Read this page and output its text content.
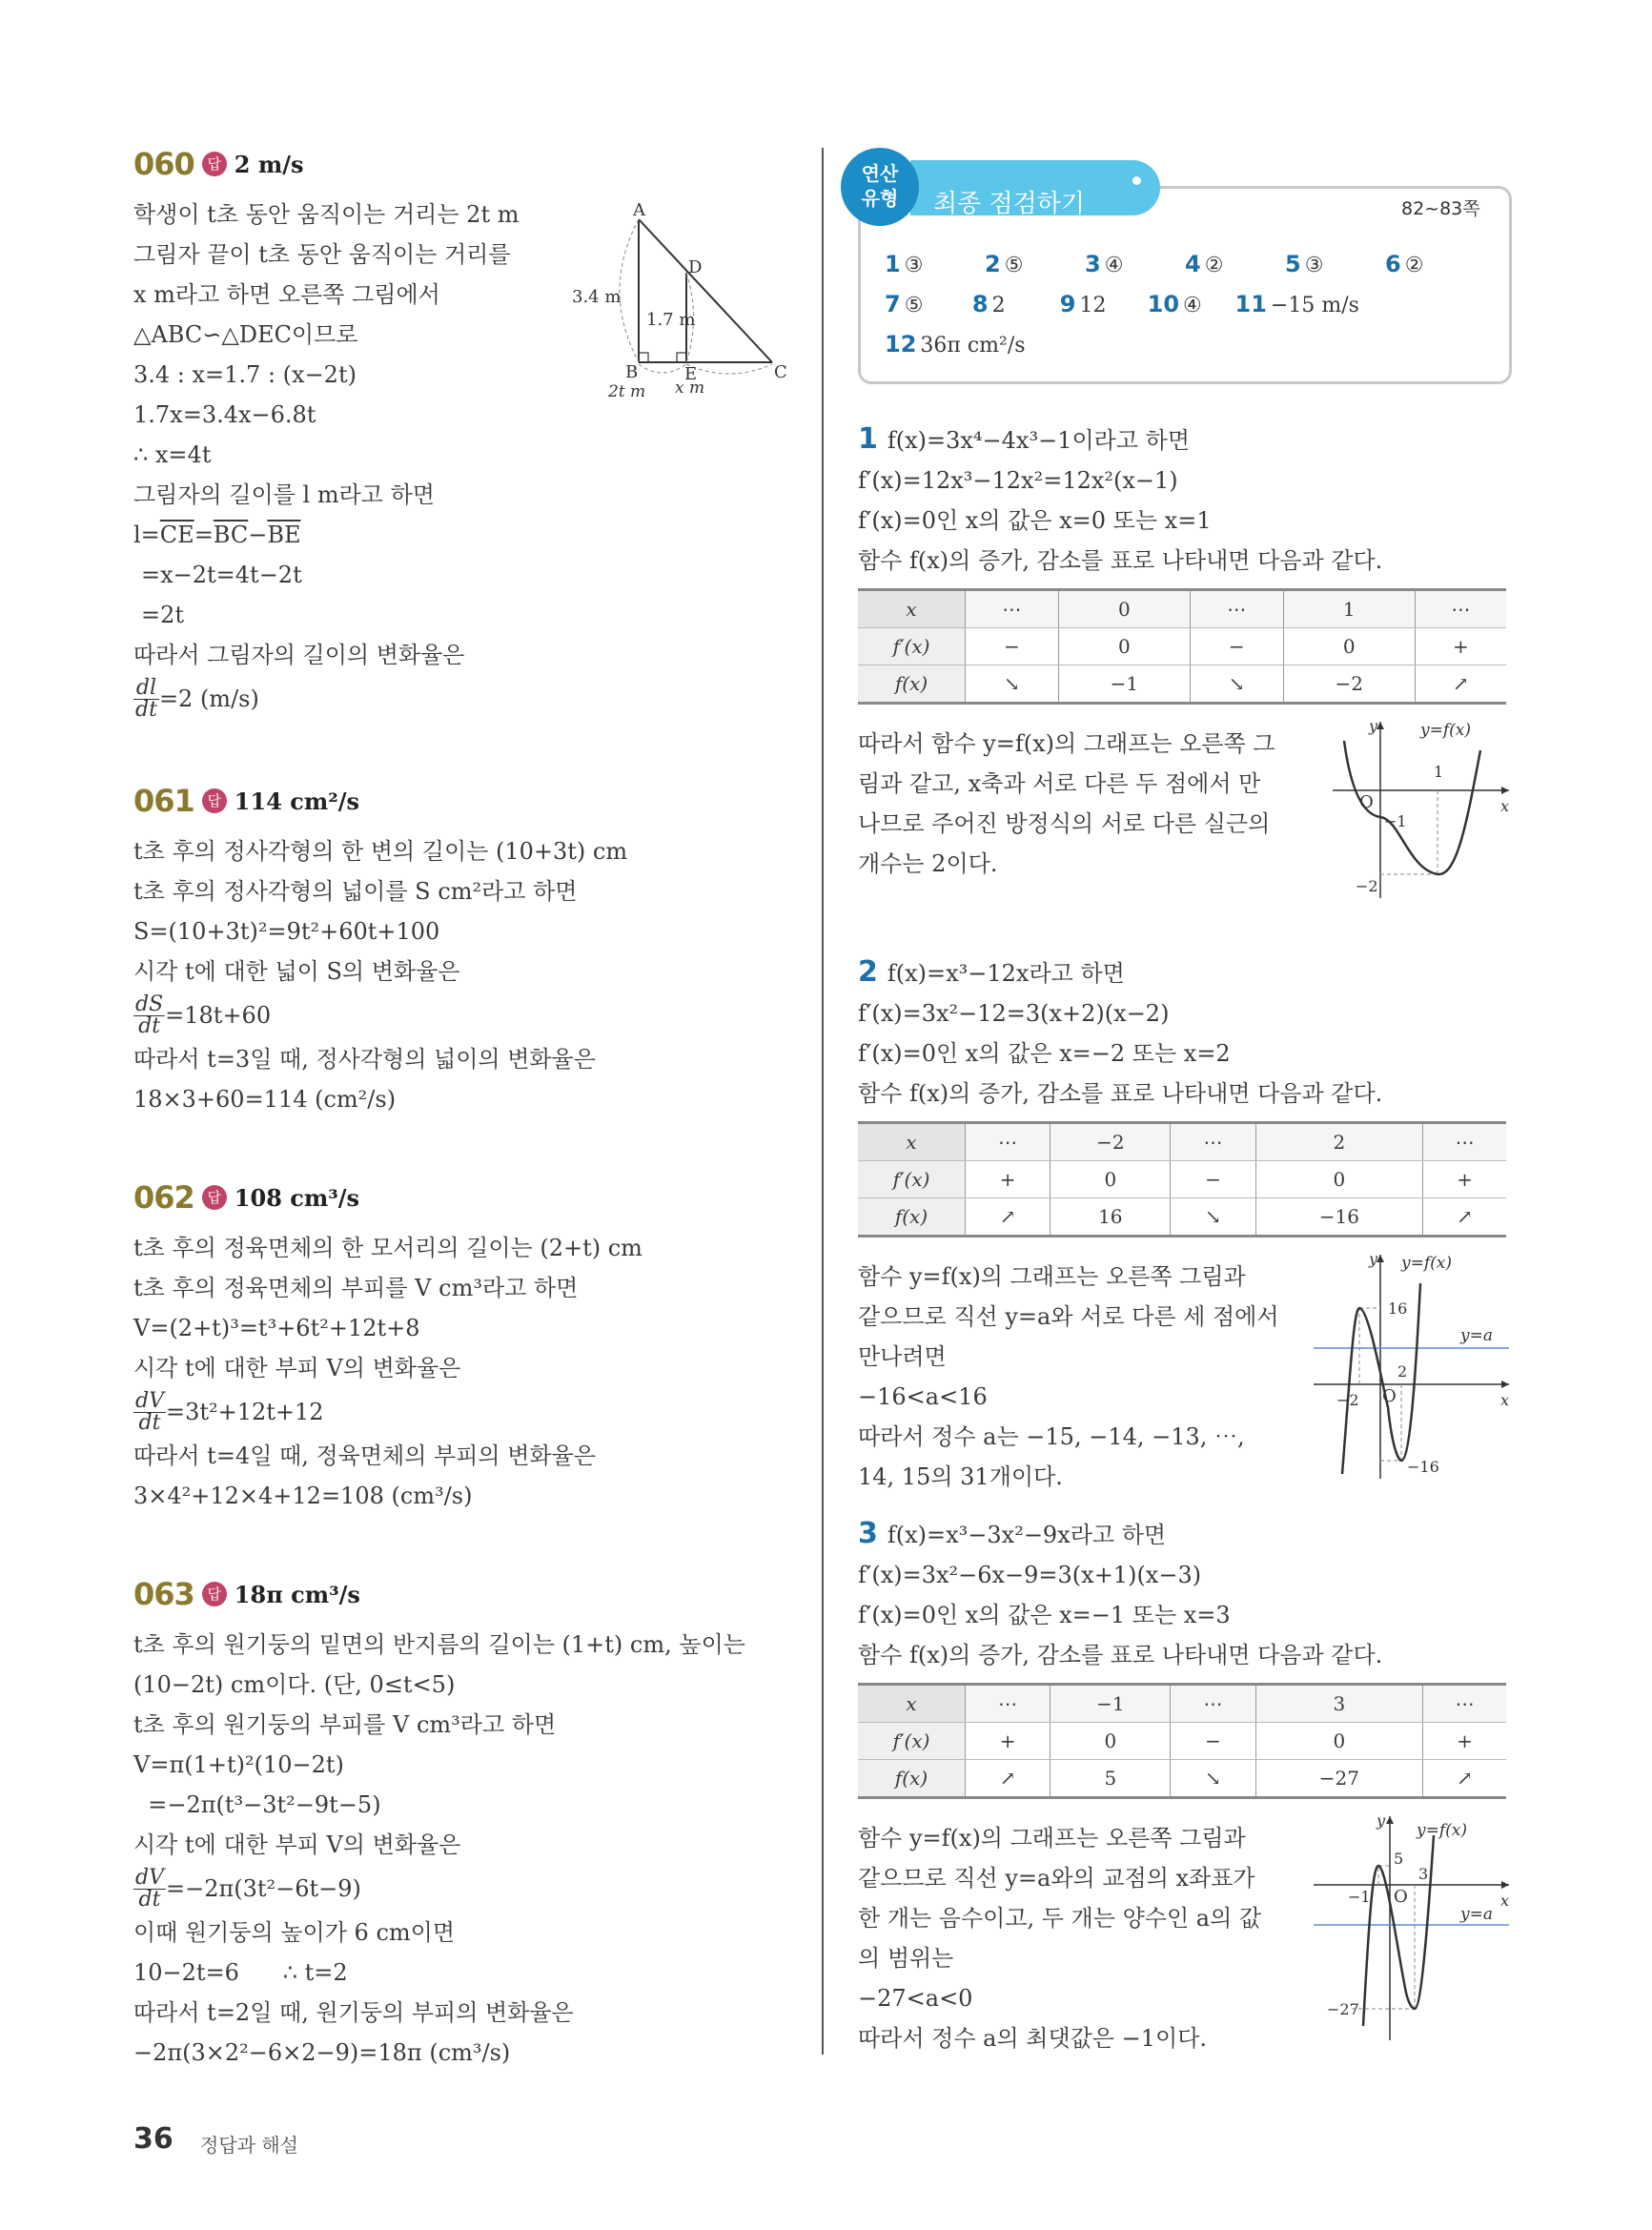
060 답 2 m/s
학생이 t초 동안 움직이는 거리는 2t m
그림자 끝이 t초 동안 움직이는 거리를
x m라고 하면 오른쪽 그림에서
△ABC∽△DEC이므로
3.4 : x=1.7 : (x−2t)
1.7x=3.4x−6.8t
∴ x=4t
그림자의 길이를 l m라고 하면
$l=\overline{CE}=\overline{BC}-\overline{BE}$
=x−2t=4t−2t
=2t
따라서 그림자의 길이의 변화율은
$\frac{dl}{dt} =2$ (m/s)
A
B	C
D
E
3.4 m
1.7 m
2t m x m
061 답 114 cm²/s
t초 후의 정사각형의 한 변의 길이는 (10+3t) cm
t초 후의 정사각형의 넓이를 S cm²라고 하면
S=(10+3t)²=9t²+60t+100
시각 t에 대한 넓이 S의 변화율은
$\frac{dS}{dt} =18t+60$
따라서 t=3일 때, 정사각형의 넓이의 변화율은
18×3+60=114 (cm²/s)
062 답 108 cm³/s
t초 후의 정육면체의 한 모서리의 길이는 (2+t) cm
t초 후의 정육면체의 부피를 V cm³라고 하면
V=(2+t)³=t³+6t²+12t+8
시각 t에 대한 부피 V의 변화율은
$\frac{dV}{dt} =3t^2+12t+12$
따라서 t=4일 때, 정육면체의 부피의 변화율은
3×4²+12×4+12=108 (cm³/s)
063 답 18π cm³/s
t초 후의 원기둥의 밑면의 반지름의 길이는 (1+t) cm, 높이는
(10−2t) cm이다. (단, 0≤t<5)
t초 후의 원기둥의 부피를 V cm³라고 하면
V=π(1+t)²(10−2t)
=−2π(t³−3t²−9t−5)
시각 t에 대한 부피 V의 변화율은
$\frac{dV}{dt} =-2\pi(3t^2-6t-9)$
이때 원기둥의 높이가 6 cm이면
10−2t=6      ∴ t=2
따라서 t=2일 때, 원기둥의 부피의 변화율은
−2π(3×2²−6×2−9)=18π (cm³/s)
최종 점검하기
연산
유형	82~83쪽
1 ③	2 ⑤	3 ④	4 ②	5 ③	6 ②
7 ⑤	8 2	9 12	10 ④	11 −15 m/s
12 36π cm²/s
1 f(x)=3x⁴−4x³−1이라고 하면
f′(x)=12x³−12x²=12x²(x−1)
f′(x)=0인 x의 값은 x=0 또는 x=1
함수 f(x)의 증가, 감소를 표로 나타내면 다음과 같다.
x	⋯	0	⋯	1	⋯
f′(x)	−	0	−	0	+
f(x)	↘	−1	↘	−2	↗
따라서 함수 y=f(x)의 그래프는 오른쪽 그
림과 같고, x축과 서로 다른 두 점에서 만
나므로 주어진 방정식의 서로 다른 실근의
개수는 2이다.
y
x
O
y=f(x)
1
−1
−2
2 f(x)=x³−12x라고 하면
f′(x)=3x²−12=3(x+2)(x−2)
f′(x)=0인 x의 값은 x=−2 또는 x=2
함수 f(x)의 증가, 감소를 표로 나타내면 다음과 같다.
x	⋯	−2	⋯	2	⋯
f′(x)	+	0	−	0	+
f(x)	↗	16	↘	−16	↗
함수 y=f(x)의 그래프는 오른쪽 그림과
같으므로 직선 y=a와 서로 다른 세 점에서
만나려면
−16<a<16
따라서 정수 a는 −15, −14, −13, ⋯,
14, 15의 31개이다.
y
x
O
y=f(x)
y=a
16
−16
2
−2
3 f(x)=x³−3x²−9x라고 하면
f′(x)=3x²−6x−9=3(x+1)(x−3)
f′(x)=0인 x의 값은 x=−1 또는 x=3
함수 f(x)의 증가, 감소를 표로 나타내면 다음과 같다.
x	⋯	−1	⋯	3	⋯
f′(x)	+	0	−	0	+
f(x)	↗	5	↘	−27	↗
함수 y=f(x)의 그래프는 오른쪽 그림과
같으므로 직선 y=a와의 교점의 x좌표가
한 개는 음수이고, 두 개는 양수인 a의 값
의 범위는
−27<a<0
따라서 정수 a의 최댓값은 −1이다.
y
x
O
y=f(x)
y=a
5
3
−1
−27
36 정답과 해설
